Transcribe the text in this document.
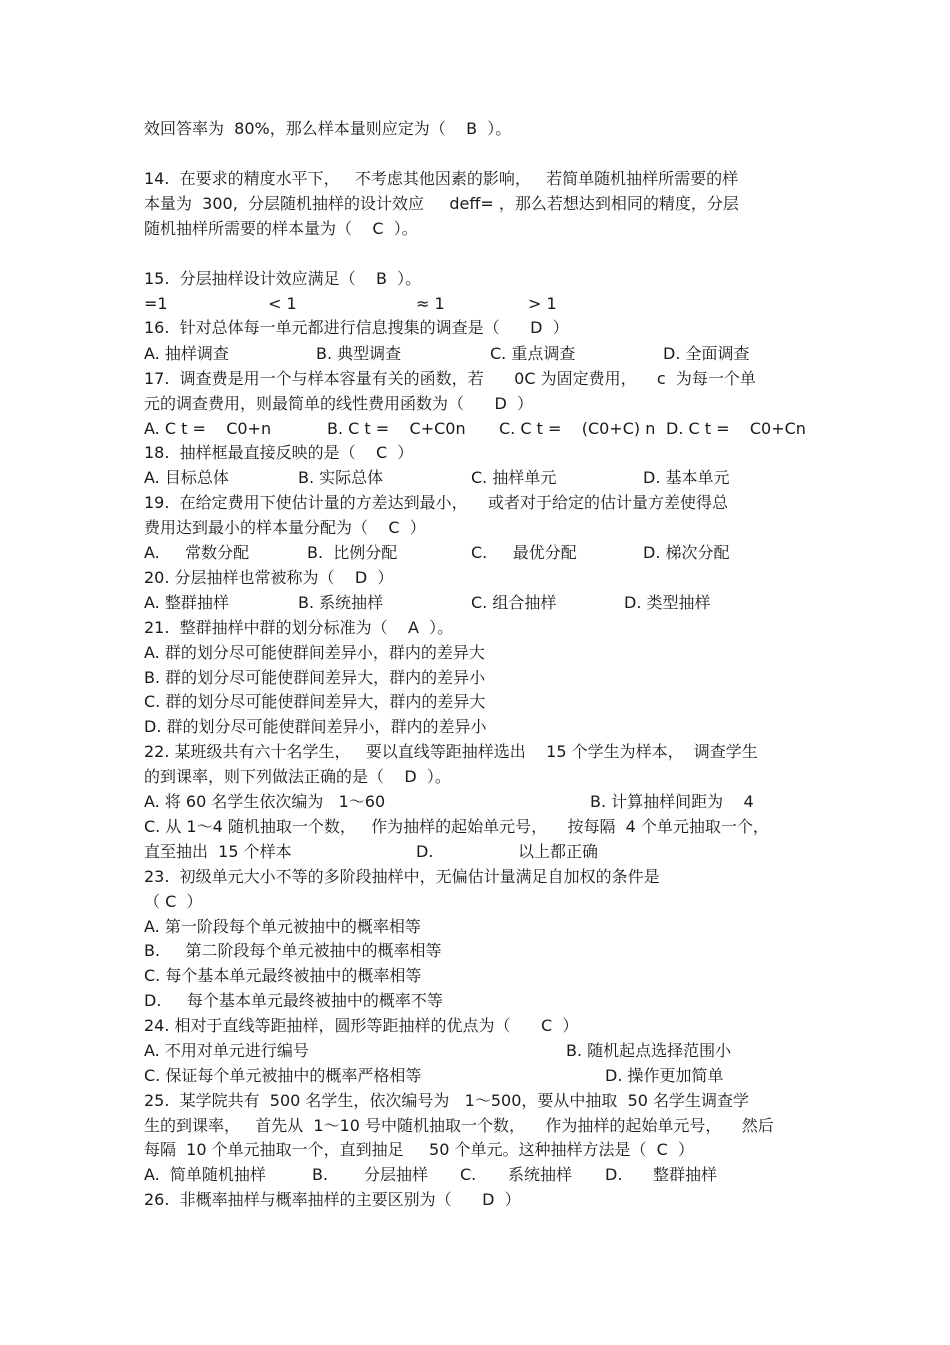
效回答率为  80%，那么样本量则应定为（    B  ）。
14.  在要求的精度水平下，   不考虑其他因素的影响，   若简单随机抽样所需要的样
本量为  300,  分层随机抽样的设计效应     deff= ，那么若想达到相同的精度，分层
随机抽样所需要的样本量为（    C  ）。
15.  分层抽样设计效应满足（    B  ）。
=1	< 1	≈ 1	> 1
16.  针对总体每一单元都进行信息搜集的调查是（      D  ）
A. 抽样调查	B. 典型调查	C. 重点调查	D. 全面调查
17.  调查费是用一个与样本容量有关的函数，若      0C 为固定费用，    c  为每一个单
元的调查费用，则最简单的线性费用函数为（      D  ）
A. C t =    C0+n	B. C t =    C+C0n C. C t =    (C0+C) n D. C t =    C0+Cn
18.  抽样框最直接反映的是（    C  ）
A. 目标总体	B. 实际总体	C. 抽样单元	D. 基本单元
19.  在给定费用下使估计量的方差达到最小，    或者对于给定的估计量方差使得总
费用达到最小的样本量分配为（    C  ）
A.     常数分配	B.  比例分配	C.     最优分配	D. 梯次分配
20. 分层抽样也常被称为（    D  ）
A. 整群抽样	B. 系统抽样	C. 组合抽样	D. 类型抽样
21.  整群抽样中群的划分标准为（    A  ）。
A. 群的划分尽可能使群间差异小，群内的差异大
B. 群的划分尽可能使群间差异大，群内的差异小
C. 群的划分尽可能使群间差异大，群内的差异大
D. 群的划分尽可能使群间差异小，群内的差异小
22. 某班级共有六十名学生，   要以直线等距抽样选出    15 个学生为样本，  调查学生
的到课率，则下列做法正确的是（    D  ）。
A. 将 60 名学生依次编为   1～60	B. 计算抽样间距为    4
C. 从 1～4 随机抽取一个数，   作为抽样的起始单元号，    按每隔  4 个单元抽取一个，
直至抽出  15 个样本	D.	以上都正确
23.  初级单元大小不等的多阶段抽样中，无偏估计量满足自加权的条件是
（ C  ）
A. 第一阶段每个单元被抽中的概率相等
B.     第二阶段每个单元被抽中的概率相等
C. 每个基本单元最终被抽中的概率相等
D.     每个基本单元最终被抽中的概率不等
24. 相对于直线等距抽样，圆形等距抽样的优点为（      C  ）
A. 不用对单元进行编号	B. 随机起点选择范围小
C. 保证每个单元被抽中的概率严格相等	D. 操作更加简单
25.  某学院共有  500 名学生，依次编号为   1～500，要从中抽取  50 名学生调查学
生的到课率，   首先从  1～10 号中随机抽取一个数，    作为抽样的起始单元号，    然后
每隔  10 个单元抽取一个，直到抽足     50 个单元。这种抽样方法是（  C  ）
A.  简单随机抽样	B. 分层抽样 C. 系统抽样 D. 整群抽样
26.  非概率抽样与概率抽样的主要区别为（      D  ）
